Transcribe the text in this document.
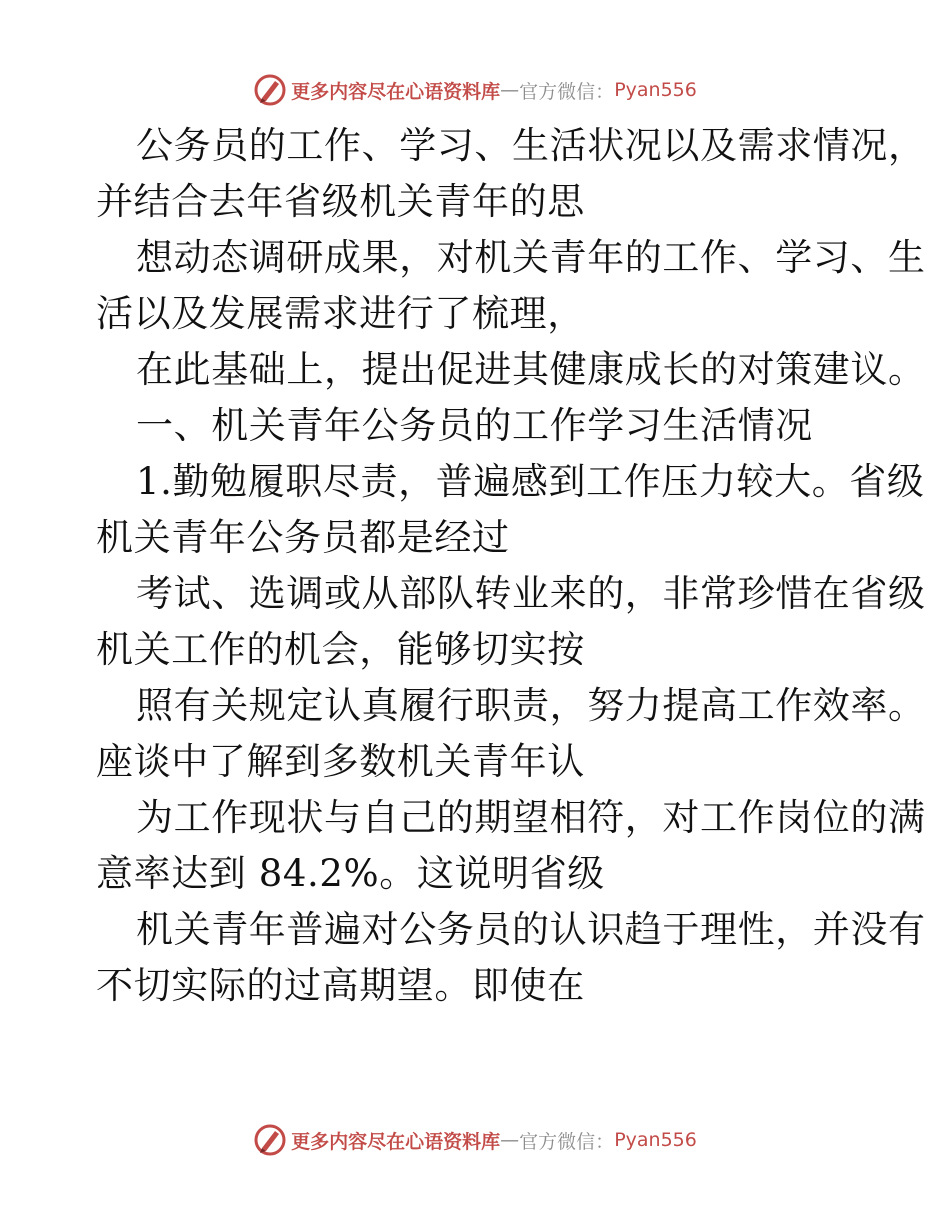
更多内容尽在心语资料库 — 官方微信： Pyan556
公务员的工作、学习、生活状况以及需求情况，
并结合去年省级机关青年的思
想动态调研成果，对机关青年的工作、学习、生
活以及发展需求进行了梳理，
在此基础上，提出促进其健康成长的对策建议。
一、机关青年公务员的工作学习生活情况
1.勤勉履职尽责，普遍感到工作压力较大。省级
机关青年公务员都是经过
考试、选调或从部队转业来的，非常珍惜在省级
机关工作的机会，能够切实按
照有关规定认真履行职责，努力提高工作效率。
座谈中了解到多数机关青年认
为工作现状与自己的期望相符，对工作岗位的满
意率达到 84.2%。这说明省级
机关青年普遍对公务员的认识趋于理性，并没有
不切实际的过高期望。即使在
更多内容尽在心语资料库 — 官方微信： Pyan556
